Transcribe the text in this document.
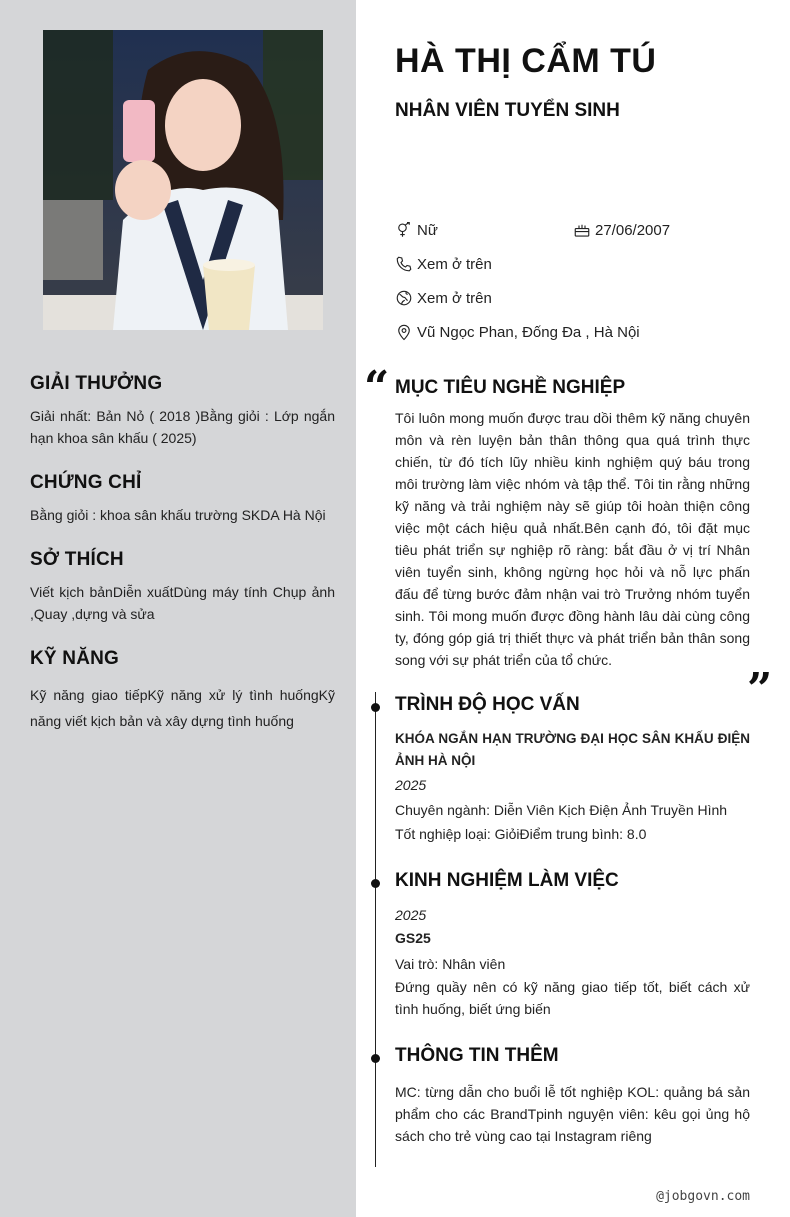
GIẢI THƯỞNG

Giải nhất: Bản Nỏ ( 2018 )Bằng giỏi : Lớp ngắn hạn khoa sân khấu ( 2025)

CHỨNG CHỈ

Bằng giỏi : khoa sân khấu trường SKDA Hà Nội

SỞ THÍCH

Viết kịch bảnDiễn xuấtDùng máy tính Chụp ảnh ,Quay ,dựng và sửa

KỸ NĂNG

Kỹ năng giao tiếpKỹ năng xử lý tình huốngKỹ năng viết kịch bản và xây dựng tình huống

HÀ THỊ CẨM TÚ
NHÂN VIÊN TUYỂN SINH
Nữ	27/06/2007
Xem ở trên
Xem ở trên
Vũ Ngọc Phan, Đống Đa , Hà Nội
“ MỤC TIÊU NGHỀ NGHIỆP

Tôi luôn mong muốn được trau dồi thêm kỹ năng chuyên môn và rèn luyện bản thân thông qua quá trình thực chiến, từ đó tích lũy nhiều kinh nghiệm quý báu trong môi trường làm việc nhóm và tập thể. Tôi tin rằng những kỹ năng và trải nghiệm này sẽ giúp tôi hoàn thiện công việc một cách hiệu quả nhất.Bên cạnh đó, tôi đặt mục tiêu phát triển sự nghiệp rõ ràng: bắt đầu ở vị trí Nhân viên tuyển sinh, không ngừng học hỏi và nỗ lực phấn đấu để từng bước đảm nhận vai trò Trưởng nhóm tuyển sinh. Tôi mong muốn được đồng hành lâu dài cùng công ty, đóng góp giá trị thiết thực và phát triển bản thân song song với sự phát triển của tổ chức.

”
TRÌNH ĐỘ HỌC VẤN

KHÓA NGẮN HẠN TRƯỜNG ĐẠI HỌC SÂN KHẤU ĐIỆN ẢNH HÀ NỘI

2025

Chuyên ngành: Diễn Viên Kịch Điện Ảnh Truyền Hình

Tốt nghiệp loại: GiỏiĐiểm trung bình: 8.0

KINH NGHIỆM LÀM VIỆC

2025

GS25

Vai trò: Nhân viên

Đứng quầy nên có kỹ năng giao tiếp tốt, biết cách xử tình huống, biết ứng biến

THÔNG TIN THÊM

MC: từng dẫn cho buổi lễ tốt nghiệp KOL: quảng bá sản phẩm cho các BrandTpinh nguyện viên: kêu gọi ủng hộ sách cho trẻ vùng cao tại Instagram riêng

@jobgovn.com
